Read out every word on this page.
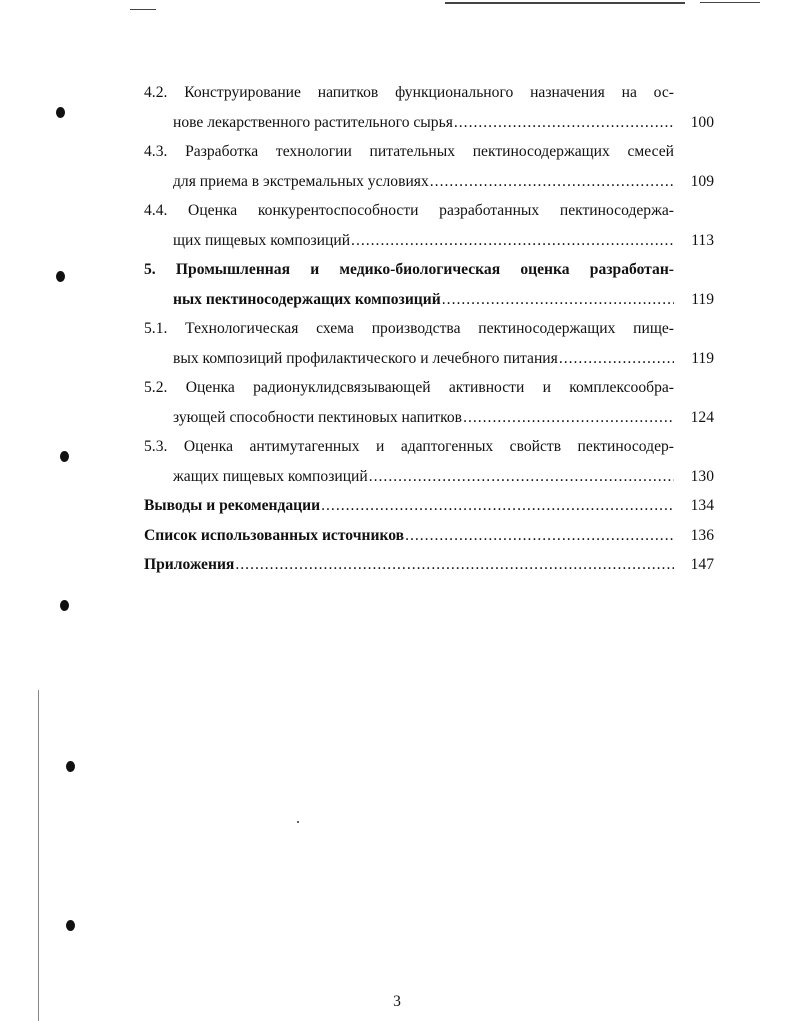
4.2. Конструирование напитков функционального назначения на ос-
нове лекарственного растительного сырья .....	100
4.3. Разработка технологии питательных пектиносодержащих смесей
для приема в экстремальных условиях .....	109
4.4. Оценка конкурентоспособности разработанных пектиносодержа-
щих пищевых композиций .....	113
5. Промышленная и медико-биологическая оценка разработан-
ных пектиносодержащих композиций .....	119
5.1. Технологическая схема производства пектиносодержащих пище-
вых композиций профилактического и лечебного питания .....	119
5.2. Оценка радионуклидсвязывающей активности и комплексообра-
зующей способности пектиновых напитков .....	124
5.3. Оценка антимутагенных и адаптогенных свойств пектиносодер-
жащих пищевых композиций .....	130
Выводы и рекомендации .....	134
Список использованных источников .....	136
Приложения .....	147
3
